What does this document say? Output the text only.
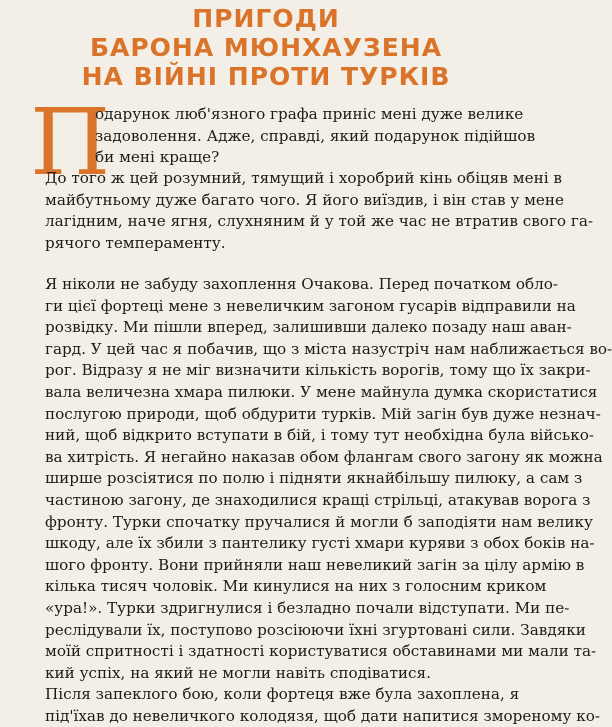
ПРИГОДИ
БАРОНА МЮНХАУЗЕНА
НА ВІЙНІ ПРОТИ ТУРКІВ
П
одарунок люб'язного графа приніс мені дуже велике
задоволення. Адже, справді, який подарунок підійшов
би мені краще?
До того ж цей розумний, тямущий і хоробрий кінь обіцяв мені в
майбутньому дуже багато чого. Я його виїздив, і він став у мене
лагідним, наче ягня, слухняним й у той же час не втратив свого га-
рячого темпераменту.
Я ніколи не забуду захоплення Очакова. Перед початком обло-
ги цієї фортеці мене з невеличким загоном гусарів відправили на
розвідку. Ми пішли вперед, залишивши далеко позаду наш аван-
гард. У цей час я побачив, що з міста назустріч нам наближається во-
рог. Відразу я не міг визначити кількість ворогів, тому що їх закри-
вала величезна хмара пилюки. У мене майнула думка скористатися
послугою природи, щоб обдурити турків. Мій загін був дуже незнач-
ний, щоб відкрито вступати в бій, і тому тут необхідна була військо-
ва хитрість. Я негайно наказав обом флангам свого загону як можна
ширше розсіятися по полю і підняти якнайбільшу пилюку, а сам з
частиною загону, де знаходилися кращі стрільці, атакував ворога з
фронту. Турки спочатку пручалися й могли б заподіяти нам велику
шкоду, але їх збили з пантелику густі хмари куряви з обох боків на-
шого фронту. Вони прийняли наш невеликий загін за цілу армію в
кілька тисяч чоловік. Ми кинулися на них з голосним криком
«ура!». Турки здригнулися і безладно почали відступати. Ми пе-
реслідували їх, поступово розсіюючи їхні згуртовані сили. Завдяки
моїй спритності і здатності користуватися обставинами ми мали та-
кий успіх, на який не могли навіть сподіватися.
Після запеклого бою, коли фортеця вже була захоплена, я
під'їхав до невеличкого колодязя, щоб дати напитися змореному ко-
